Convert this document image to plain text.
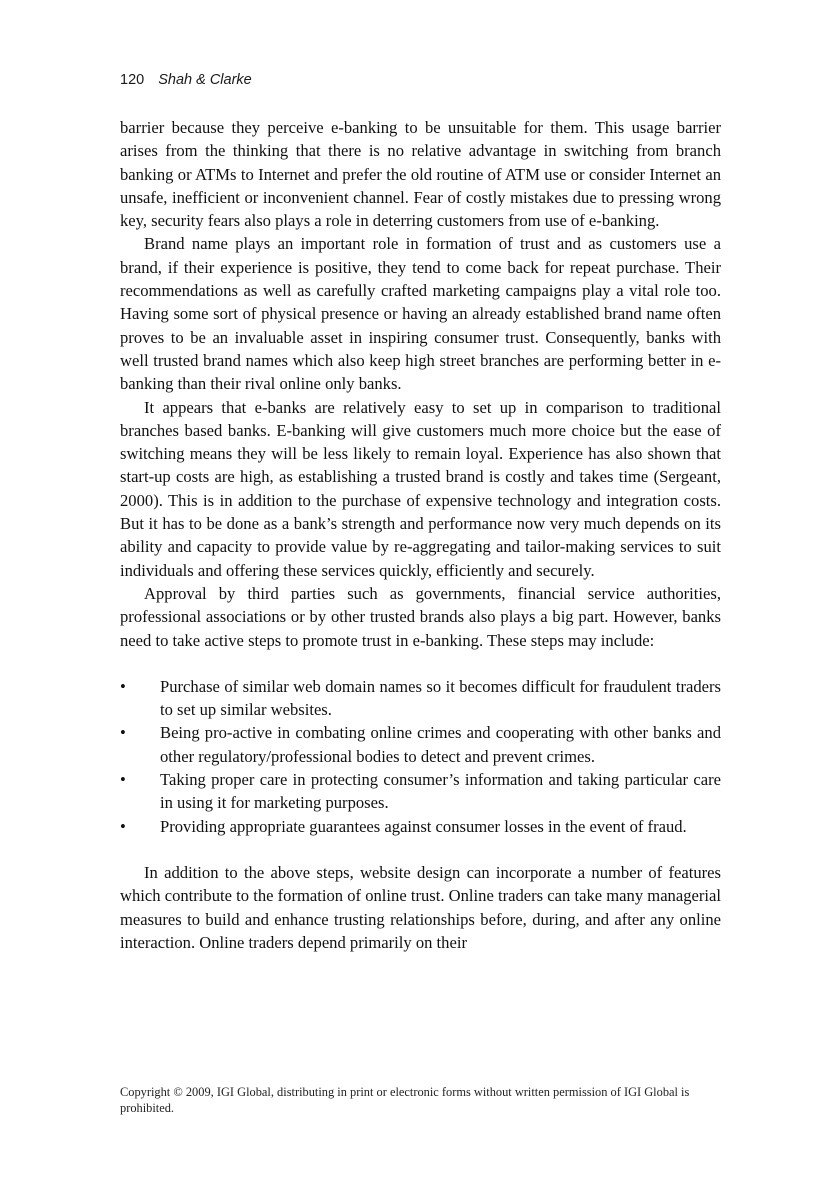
120 Shah & Clarke

barrier because they perceive e-banking to be unsuitable for them. This usage barrier arises from the thinking that there is no relative advantage in switching from branch banking or ATMs to Internet and prefer the old routine of ATM use or consider Internet an unsafe, inefficient or inconvenient channel. Fear of costly mistakes due to pressing wrong key, security fears also plays a role in deterring customers from use of e-banking.

Brand name plays an important role in formation of trust and as customers use a brand, if their experience is positive, they tend to come back for repeat purchase. Their recommendations as well as carefully crafted marketing campaigns play a vital role too. Having some sort of physical presence or having an already established brand name often proves to be an invaluable asset in inspiring consumer trust. Consequently, banks with well trusted brand names which also keep high street branches are performing better in e-banking than their rival online only banks.

It appears that e-banks are relatively easy to set up in comparison to traditional branches based banks. E-banking will give customers much more choice but the ease of switching means they will be less likely to remain loyal. Experience has also shown that start-up costs are high, as establishing a trusted brand is costly and takes time (Sergeant, 2000). This is in addition to the purchase of expensive technology and integration costs. But it has to be done as a bank’s strength and performance now very much depends on its ability and capacity to provide value by re-aggregating and tailor-making services to suit individuals and offering these services quickly, efficiently and securely.

Approval by third parties such as governments, financial service authorities, professional associations or by other trusted brands also plays a big part. However, banks need to take active steps to promote trust in e-banking. These steps may include:

• Purchase of similar web domain names so it becomes difficult for fraudulent traders to set up similar websites.
• Being pro-active in combating online crimes and cooperating with other banks and other regulatory/professional bodies to detect and prevent crimes.
• Taking proper care in protecting consumer’s information and taking particular care in using it for marketing purposes.
• Providing appropriate guarantees against consumer losses in the event of fraud.

In addition to the above steps, website design can incorporate a number of features which contribute to the formation of online trust. Online traders can take many managerial measures to build and enhance trusting relationships before, during, and after any online interaction. Online traders depend primarily on their

Copyright © 2009, IGI Global, distributing in print or electronic forms without written permission of IGI Global is prohibited.
